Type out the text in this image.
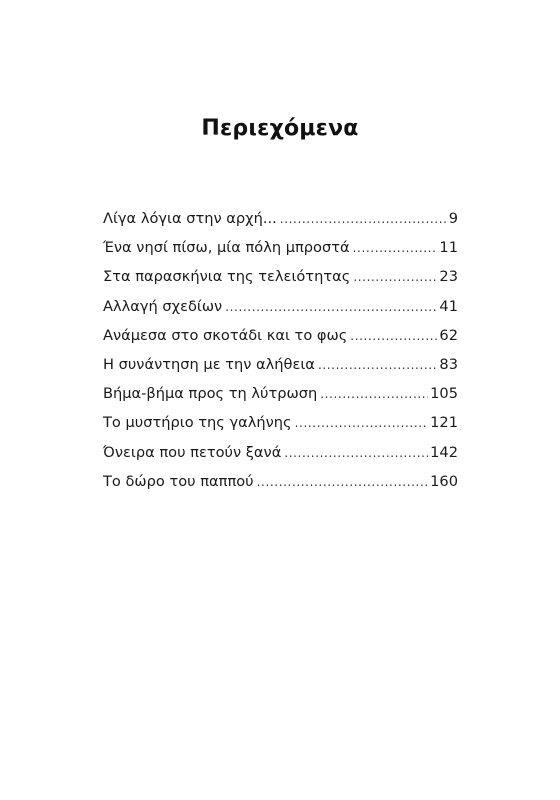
Περιεχόμενα
Λίγα λόγια στην αρχή... .....	9
Ένα νησί πίσω, μία πόλη μπροστά .....	11
Στα παρασκήνια της τελειότητας .....	23
Αλλαγή σχεδίων .....	41
Ανάμεσα στο σκοτάδι και το φως .....	62
Η συνάντηση με την αλήθεια .....	83
Βήμα-βήμα προς τη λύτρωση .....	105
Το μυστήριο της γαλήνης .....	121
Όνειρα που πετούν ξανά .....	142
Το δώρο του παππού .....	160
